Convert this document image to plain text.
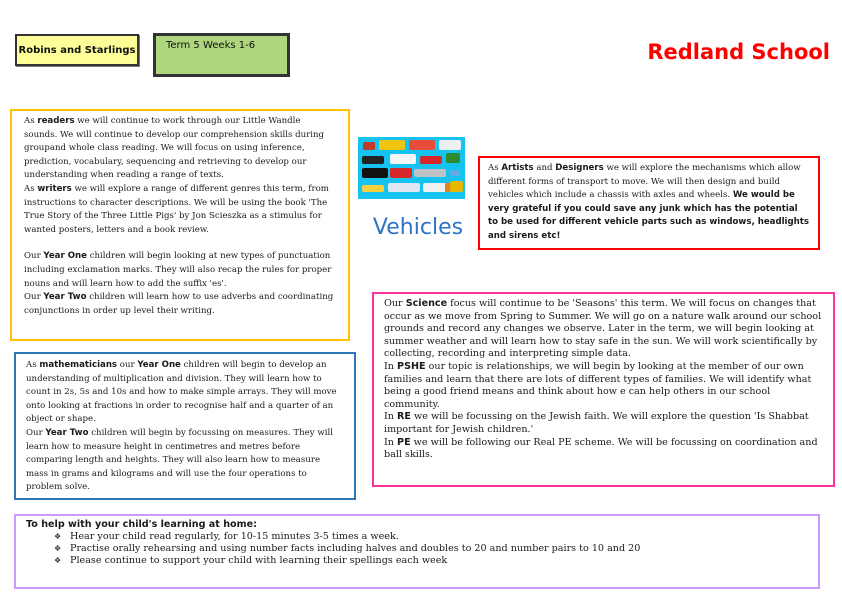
Robins and Starlings	Term 5 Weeks 1-6	Redland School

As readers we will continue to work through our Little Wandle sounds. We will continue to develop our comprehension skills during groupand whole class reading. We will focus on using inference, prediction, vocabulary, sequencing and retrieving to develop our understanding when reading a range of texts.

As writers we will explore a range of different genres this term, from instructions to character descriptions. We will be using the book 'The True Story of the Three Little Pigs' by Jon Scieszka as a stimulus for wanted posters, letters and a book review.

Our Year One children will begin looking at new types of punctuation including exclamation marks. They will also recap the rules for proper nouns and will learn how to add the suffix 'es'.

Our Year Two children will learn how to use adverbs and coordinating conjunctions in order up level their writing.

Vehicles

As Artists and Designers we will explore the mechanisms which allow different forms of transport to move. We will then design and build vehicles which include a chassis with axles and wheels. We would be very grateful if you could save any junk which has the potential to be used for different vehicle parts such as windows, headlights and sirens etc!

Our Science focus will continue to be 'Seasons' this term. We will focus on changes that occur as we move from Spring to Summer. We will go on a nature walk around our school grounds and record any changes we observe. Later in the term, we will begin looking at summer weather and will learn how to stay safe in the sun. We will work scientifically by collecting, recording and interpreting simple data.

In PSHE our topic is relationships, we will begin by looking at the member of our own families and learn that there are lots of different types of families. We will identify what being a good friend means and think about how e can help others in our school community.

In RE we will be focussing on the Jewish faith. We will explore the question 'Is Shabbat important for Jewish children.'

In PE we will be following our Real PE scheme. We will be focussing on coordination and ball skills.

As mathematicians our Year One children will begin to develop an understanding of multiplication and division. They will learn how to count in 2s, 5s and 10s and how to make simple arrays. They will move onto looking at fractions in order to recognise half and a quarter of an object or shape.

Our Year Two children will begin by focussing on measures. They will learn how to measure height in centimetres and metres before comparing length and heights. They will also learn how to measure mass in grams and kilograms and will use the four operations to problem solve.

To help with your child's learning at home:

❖ Hear your child read regularly, for 10-15 minutes 3-5 times a week.
❖ Practise orally rehearsing and using number facts including halves and doubles to 20 and number pairs to 10 and 20
❖ Please continue to support your child with learning their spellings each week
